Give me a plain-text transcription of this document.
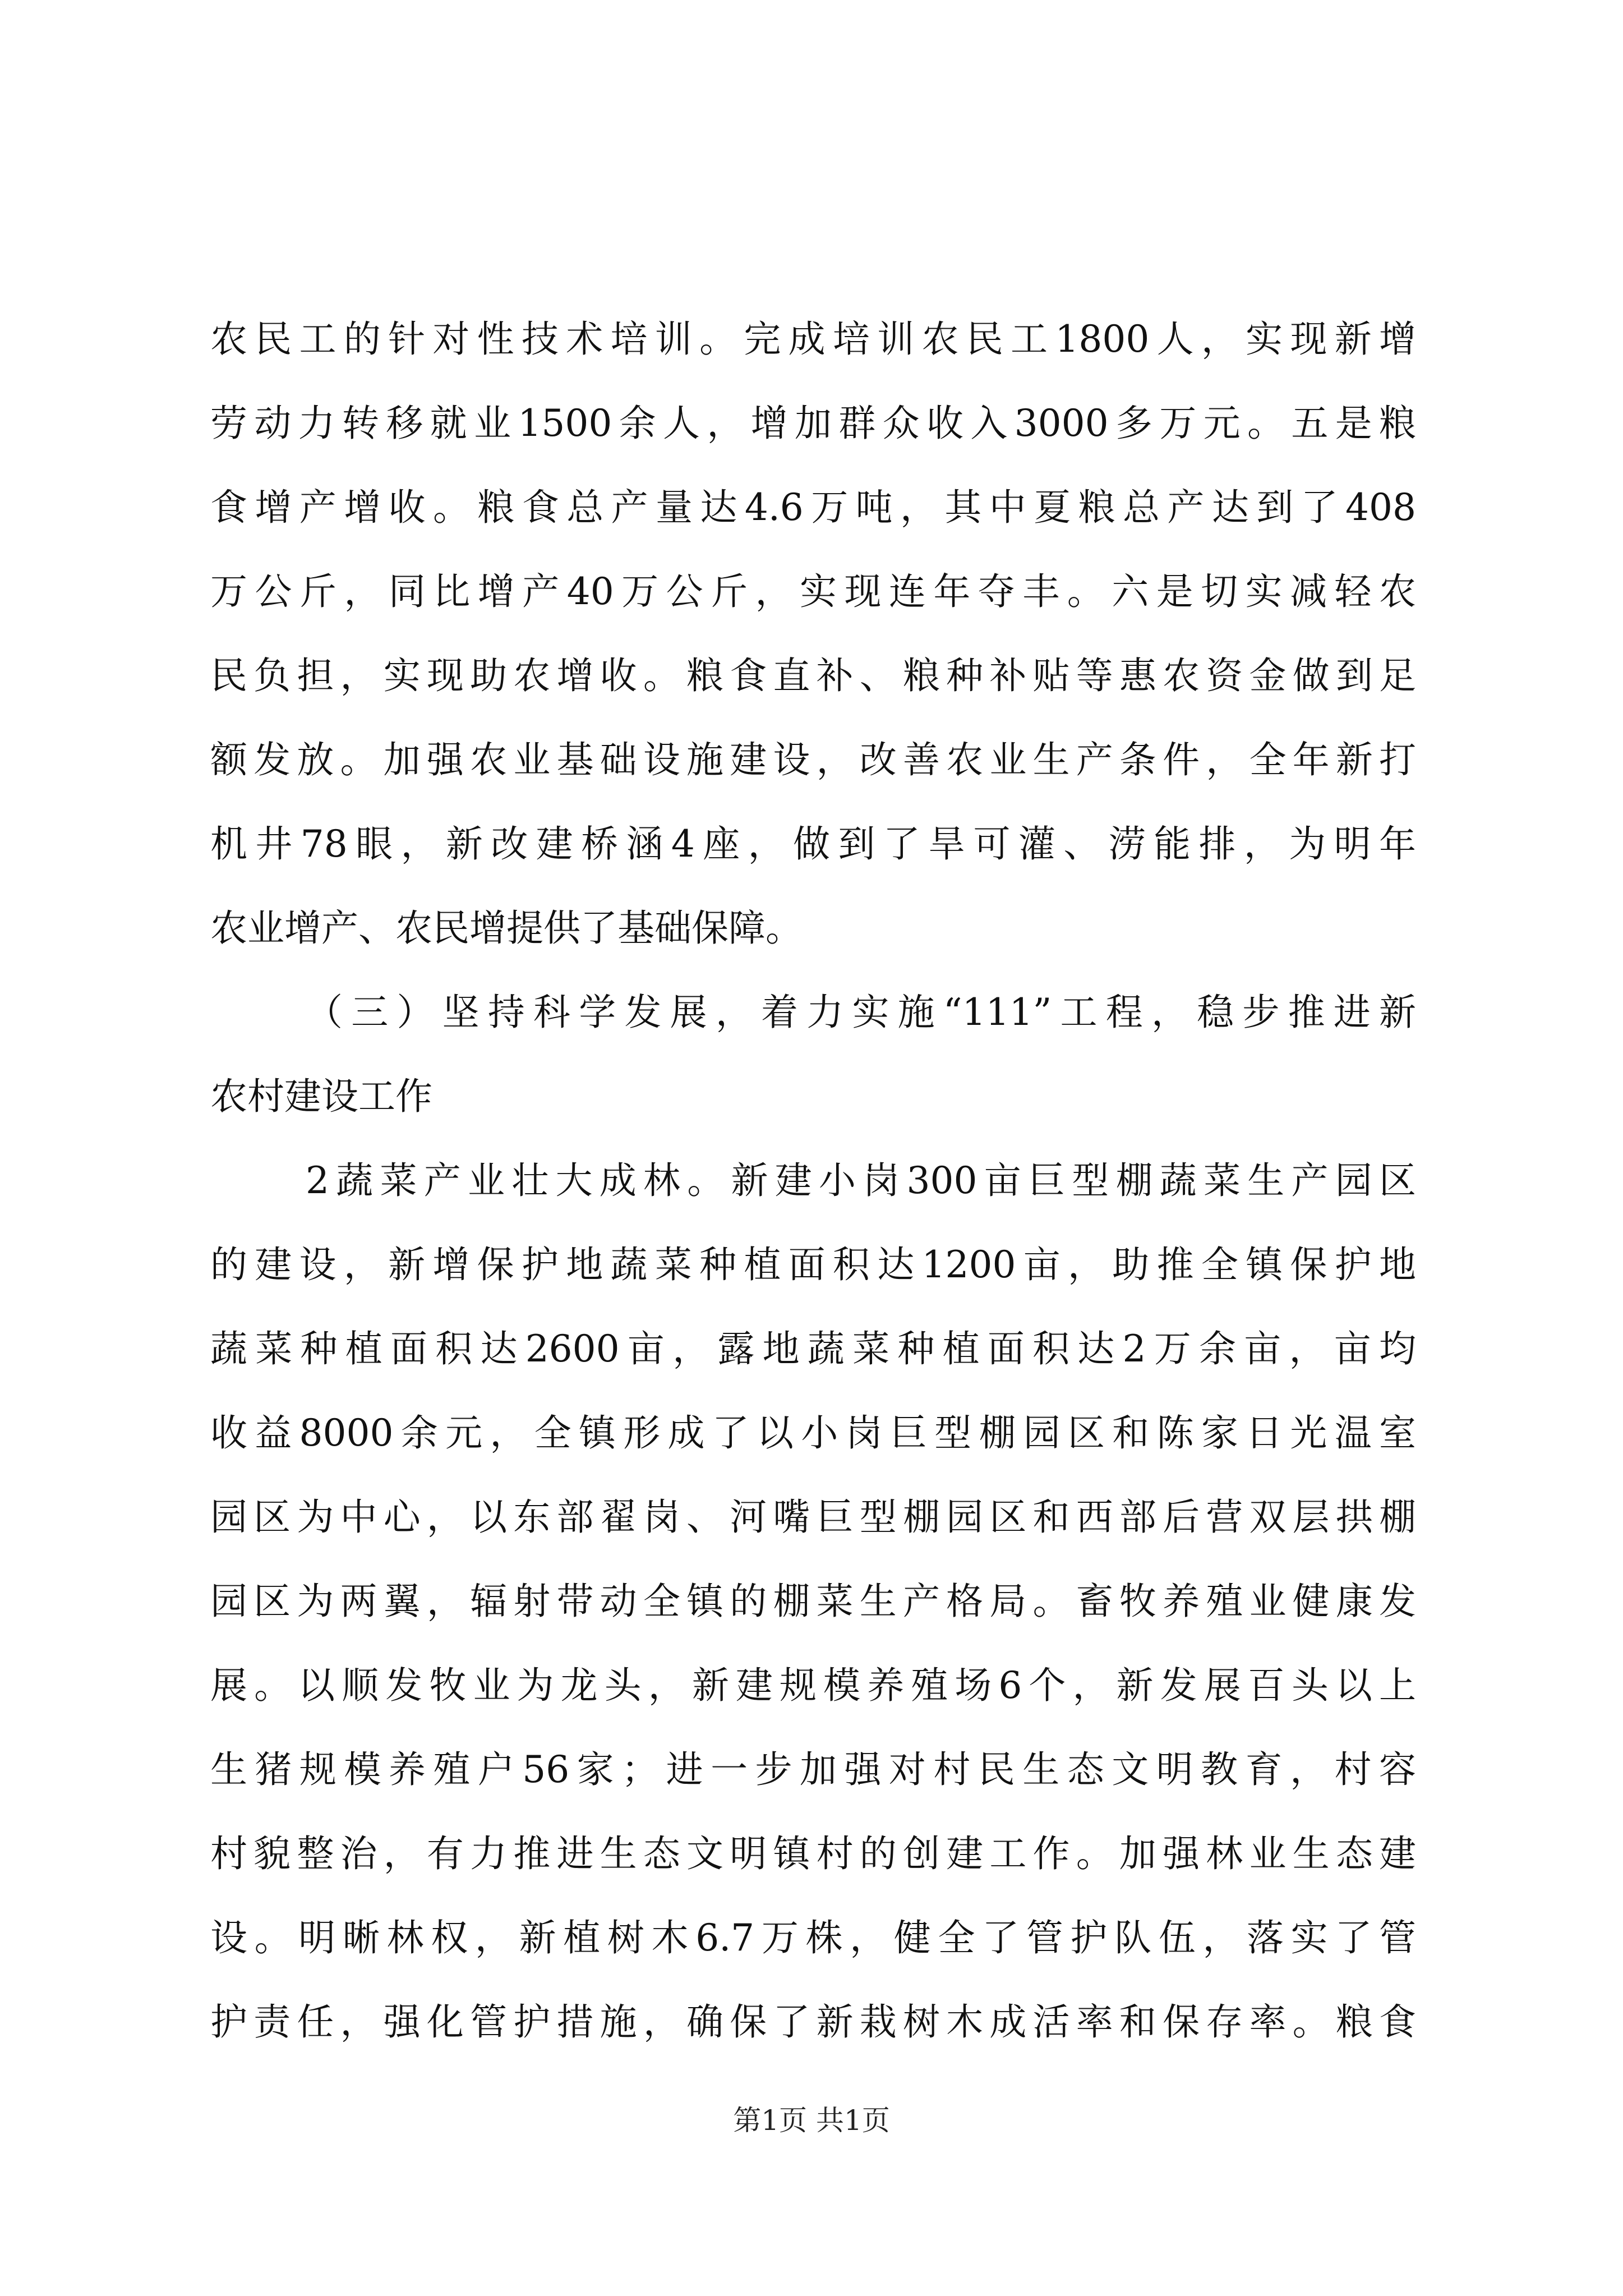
农民工的针对性技术培训。完成培训农民工1800人，实现新增
劳动力转移就业1500余人，增加群众收入3000多万元。五是粮
食增产增收。粮食总产量达4.6万吨，其中夏粮总产达到了408
万公斤，同比增产40万公斤，实现连年夺丰。六是切实减轻农
民负担，实现助农增收。粮食直补、粮种补贴等惠农资金做到足
额发放。加强农业基础设施建设，改善农业生产条件，全年新打
机井78眼，新改建桥涵4座，做到了旱可灌、涝能排，为明年
农业增产、农民增提供了基础保障。
（三）坚持科学发展，着力实施“111”工程，稳步推进新
农村建设工作
2蔬菜产业壮大成林。新建小岗300亩巨型棚蔬菜生产园区
的建设，新增保护地蔬菜种植面积达1200亩，助推全镇保护地
蔬菜种植面积达2600亩，露地蔬菜种植面积达2万余亩，亩均
收益8000余元，全镇形成了以小岗巨型棚园区和陈家日光温室
园区为中心，以东部翟岗、河嘴巨型棚园区和西部后营双层拱棚
园区为两翼，辐射带动全镇的棚菜生产格局。畜牧养殖业健康发
展。以顺发牧业为龙头，新建规模养殖场6个，新发展百头以上
生猪规模养殖户56家；进一步加强对村民生态文明教育，村容
村貌整治，有力推进生态文明镇村的创建工作。加强林业生态建
设。明晰林权，新植树木6.7万株，健全了管护队伍，落实了管
护责任，强化管护措施，确保了新栽树木成活率和保存率。粮食
第1页 共1页
